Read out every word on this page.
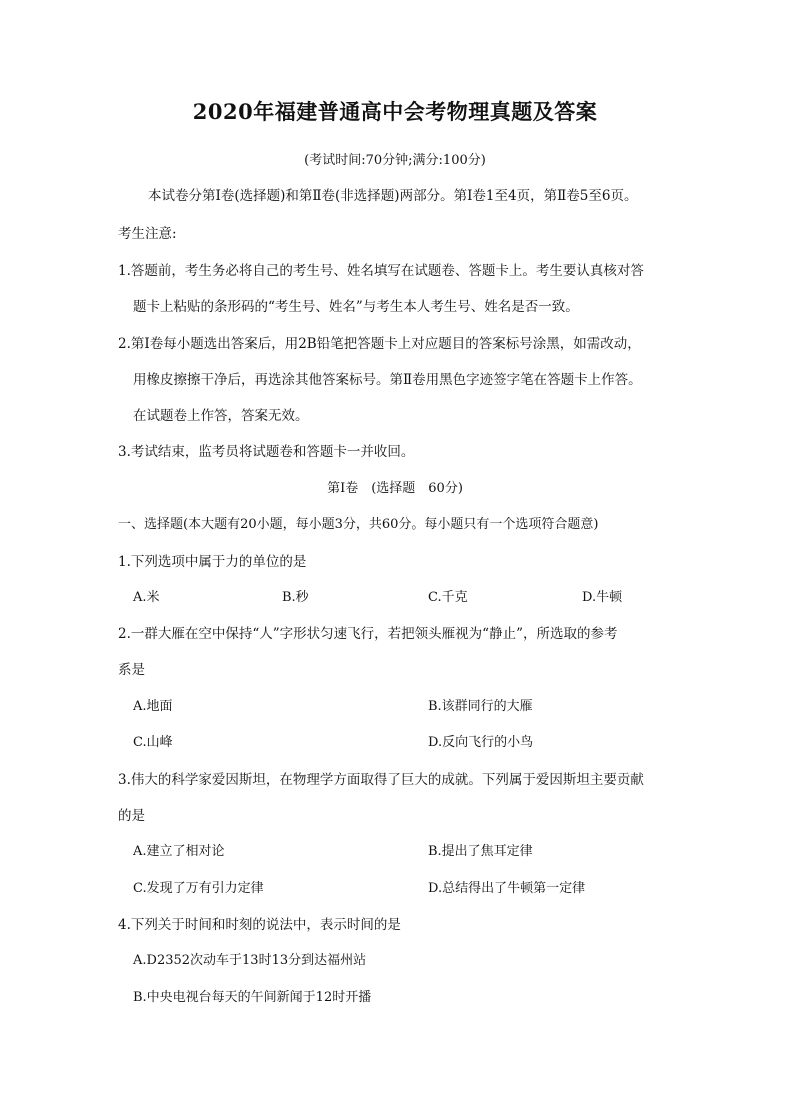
2020年福建普通高中会考物理真题及答案
(考试时间:70分钟;满分:100分)
本试卷分第I卷(选择题)和第Ⅱ卷(非选择题)两部分。第I卷1至4页，第Ⅱ卷5至6页。
考生注意:
1.答题前，考生务必将自己的考生号、姓名填写在试题卷、答题卡上。考生要认真核对答
题卡上粘贴的条形码的“考生号、姓名”与考生本人考生号、姓名是否一致。
2.第I卷每小题选出答案后，用2B铅笔把答题卡上对应题目的答案标号涂黑，如需改动，
用橡皮擦擦干净后，再选涂其他答案标号。第Ⅱ卷用黑色字迹签字笔在答题卡上作答。
在试题卷上作答，答案无效。
3.考试结束，监考员将试题卷和答题卡一并收回。
第I卷　(选择题　60分)
一、选择题(本大题有20小题，每小题3分，共60分。每小题只有一个选项符合题意)
1.下列选项中属于力的单位的是
A.米	B.秒	C.千克	D.牛顿
2.一群大雁在空中保持“人”字形状匀速飞行，若把领头雁视为“静止”，所选取的参考
系是
A.地面	B.该群同行的大雁
C.山峰	D.反向飞行的小鸟
3.伟大的科学家爱因斯坦，在物理学方面取得了巨大的成就。下列属于爱因斯坦主要贡献
的是
A.建立了相对论	B.提出了焦耳定律
C.发现了万有引力定律	D.总结得出了牛顿第一定律
4.下列关于时间和时刻的说法中，表示时间的是
A.D2352次动车于13时13分到达福州站
B.中央电视台每天的午间新闻于12时开播
